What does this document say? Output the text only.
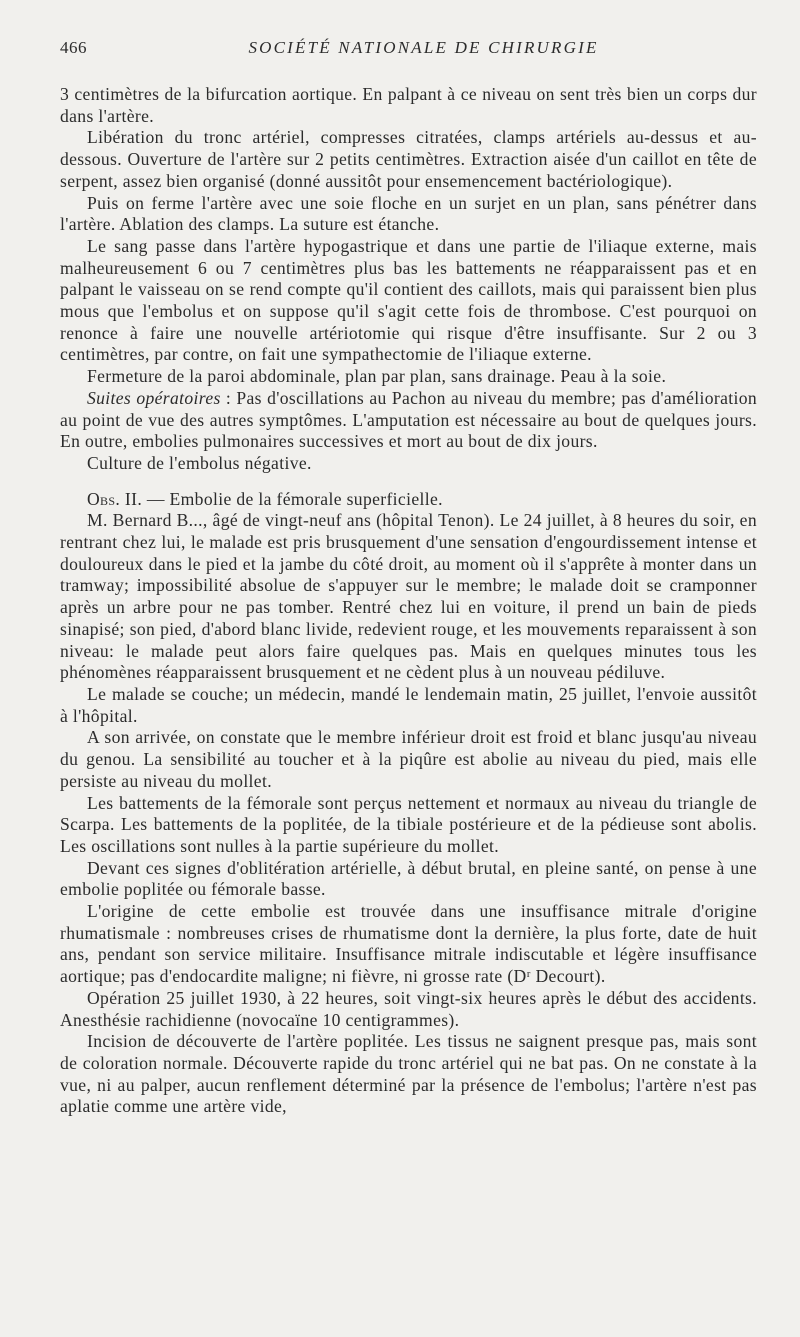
466	SOCIÉTÉ NATIONALE DE CHIRURGIE

3 centimètres de la bifurcation aortique. En palpant à ce niveau on sent très bien un corps dur dans l'artère.

Libération du tronc artériel, compresses citratées, clamps artériels au-dessus et au-dessous. Ouverture de l'artère sur 2 petits centimètres. Extraction aisée d'un caillot en tête de serpent, assez bien organisé (donné aussitôt pour ensemencement bactériologique).

Puis on ferme l'artère avec une soie floche en un surjet en un plan, sans pénétrer dans l'artère. Ablation des clamps. La suture est étanche.

Le sang passe dans l'artère hypogastrique et dans une partie de l'iliaque externe, mais malheureusement 6 ou 7 centimètres plus bas les battements ne réapparaissent pas et en palpant le vaisseau on se rend compte qu'il contient des caillots, mais qui paraissent bien plus mous que l'embolus et on suppose qu'il s'agit cette fois de thrombose. C'est pourquoi on renonce à faire une nouvelle artériotomie qui risque d'être insuffisante. Sur 2 ou 3 centimètres, par contre, on fait une sympathectomie de l'iliaque externe.

Fermeture de la paroi abdominale, plan par plan, sans drainage. Peau à la soie.

Suites opératoires : Pas d'oscillations au Pachon au niveau du membre; pas d'amélioration au point de vue des autres symptômes. L'amputation est nécessaire au bout de quelques jours. En outre, embolies pulmonaires successives et mort au bout de dix jours.

Culture de l'embolus négative.

Obs. II. — Embolie de la fémorale superficielle.

M. Bernard B..., âgé de vingt-neuf ans (hôpital Tenon). Le 24 juillet, à 8 heures du soir, en rentrant chez lui, le malade est pris brusquement d'une sensation d'engourdissement intense et douloureux dans le pied et la jambe du côté droit, au moment où il s'apprête à monter dans un tramway; impossibilité absolue de s'appuyer sur le membre; le malade doit se cramponner après un arbre pour ne pas tomber. Rentré chez lui en voiture, il prend un bain de pieds sinapisé; son pied, d'abord blanc livide, redevient rouge, et les mouvements reparaissent à son niveau: le malade peut alors faire quelques pas. Mais en quelques minutes tous les phénomènes réapparaissent brusquement et ne cèdent plus à un nouveau pédiluve.

Le malade se couche; un médecin, mandé le lendemain matin, 25 juillet, l'envoie aussitôt à l'hôpital.

A son arrivée, on constate que le membre inférieur droit est froid et blanc jusqu'au niveau du genou. La sensibilité au toucher et à la piqûre est abolie au niveau du pied, mais elle persiste au niveau du mollet.

Les battements de la fémorale sont perçus nettement et normaux au niveau du triangle de Scarpa. Les battements de la poplitée, de la tibiale postérieure et de la pédieuse sont abolis. Les oscillations sont nulles à la partie supérieure du mollet.

Devant ces signes d'oblitération artérielle, à début brutal, en pleine santé, on pense à une embolie poplitée ou fémorale basse.

L'origine de cette embolie est trouvée dans une insuffisance mitrale d'origine rhumatismale : nombreuses crises de rhumatisme dont la dernière, la plus forte, date de huit ans, pendant son service militaire. Insuffisance mitrale indiscutable et légère insuffisance aortique; pas d'endocardite maligne; ni fièvre, ni grosse rate (Dʳ Decourt).

Opération 25 juillet 1930, à 22 heures, soit vingt-six heures après le début des accidents. Anesthésie rachidienne (novocaïne 10 centigrammes).

Incision de découverte de l'artère poplitée. Les tissus ne saignent presque pas, mais sont de coloration normale. Découverte rapide du tronc artériel qui ne bat pas. On ne constate à la vue, ni au palper, aucun renflement déterminé par la présence de l'embolus; l'artère n'est pas aplatie comme une artère vide,
